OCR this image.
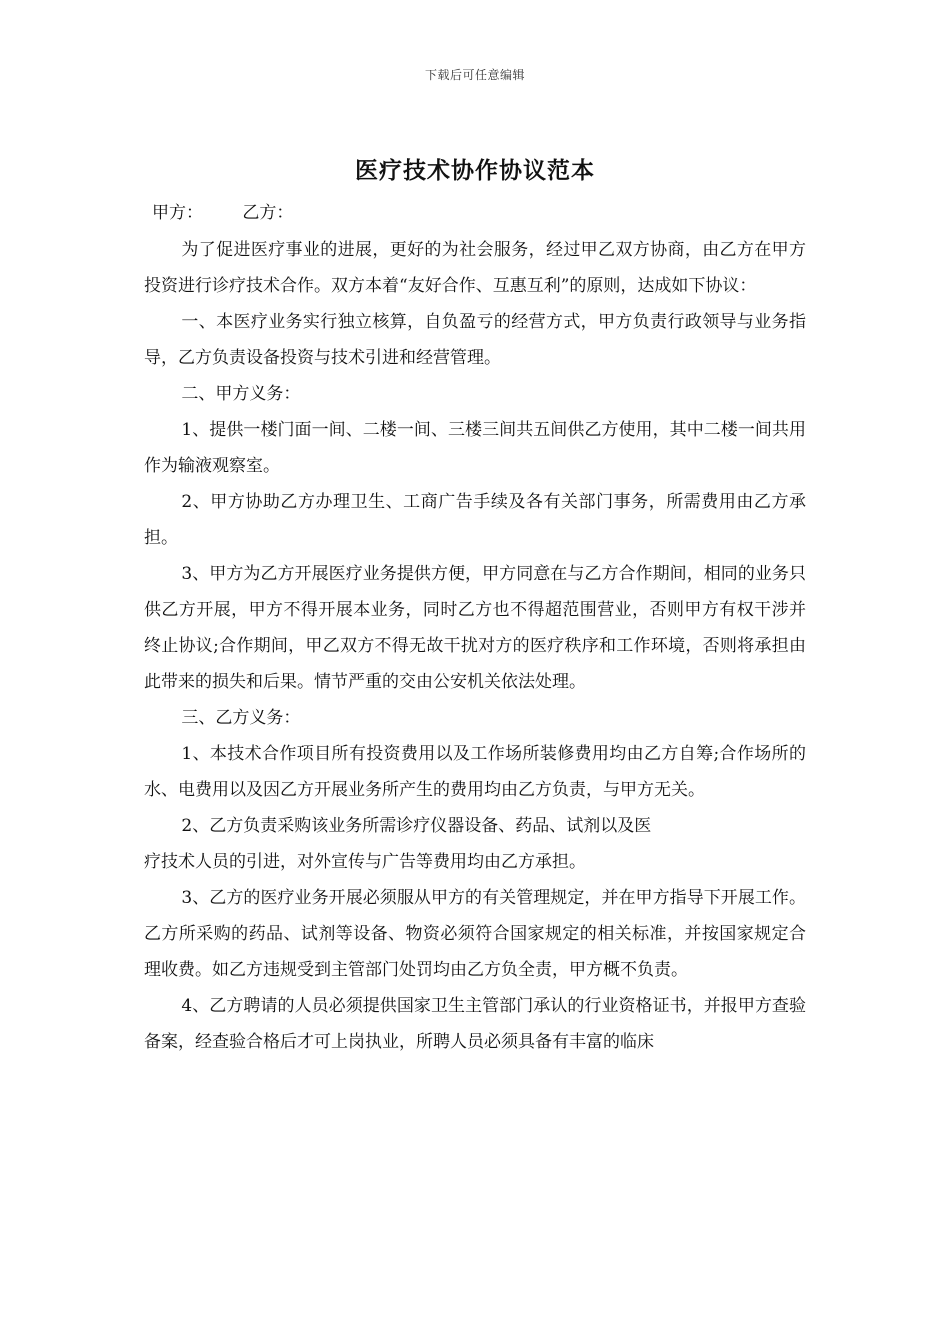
下载后可任意编辑
医疗技术协作协议范本
甲方： 乙方：

为了促进医疗事业的进展，更好的为社会服务，经过甲乙双方协商，由乙方在甲方投资进行诊疗技术合作。双方本着“友好合作、互惠互利”的原则，达成如下协议：

一、本医疗业务实行独立核算，自负盈亏的经营方式，甲方负责行政领导与业务指导，乙方负责设备投资与技术引进和经营管理。

二、甲方义务：

1、提供一楼门面一间、二楼一间、三楼三间共五间供乙方使用，其中二楼一间共用作为输液观察室。

2、甲方协助乙方办理卫生、工商广告手续及各有关部门事务，所需费用由乙方承担。

3、甲方为乙方开展医疗业务提供方便，甲方同意在与乙方合作期间，相同的业务只供乙方开展，甲方不得开展本业务，同时乙方也不得超范围营业，否则甲方有权干涉并终止协议;合作期间，甲乙双方不得无故干扰对方的医疗秩序和工作环境，否则将承担由此带来的损失和后果。情节严重的交由公安机关依法处理。

三、乙方义务：

1、本技术合作项目所有投资费用以及工作场所装修费用均由乙方自筹;合作场所的水、电费用以及因乙方开展业务所产生的费用均由乙方负责，与甲方无关。

2、乙方负责采购该业务所需诊疗仪器设备、药品、试剂以及医

疗技术人员的引进，对外宣传与广告等费用均由乙方承担。

3、乙方的医疗业务开展必须服从甲方的有关管理规定，并在甲方指导下开展工作。乙方所采购的药品、试剂等设备、物资必须符合国家规定的相关标准，并按国家规定合理收费。如乙方违规受到主管部门处罚均由乙方负全责，甲方概不负责。

4、乙方聘请的人员必须提供国家卫生主管部门承认的行业资格证书，并报甲方查验备案，经查验合格后才可上岗执业，所聘人员必须具备有丰富的临床
